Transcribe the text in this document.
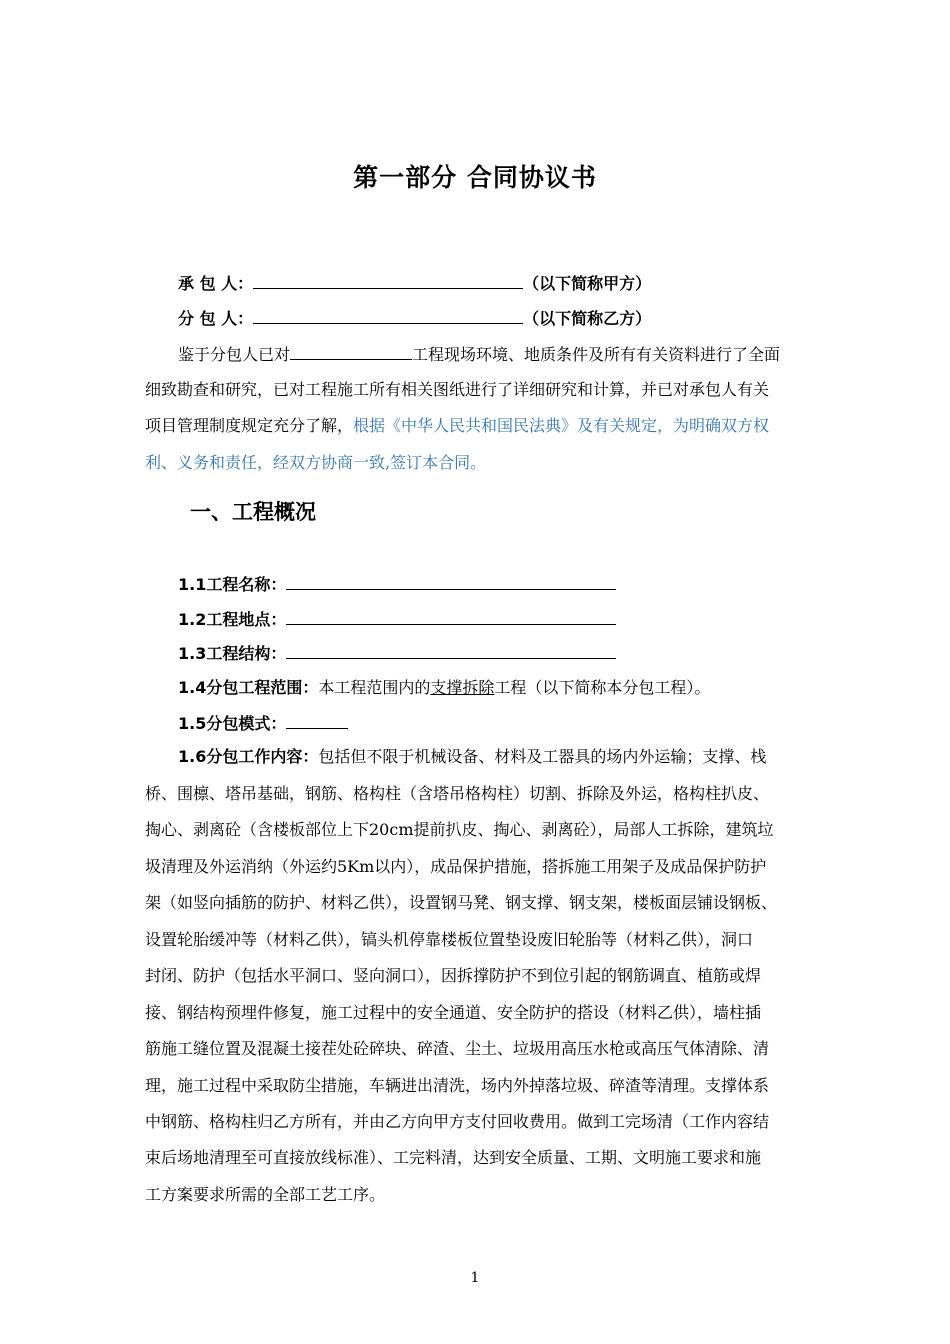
第一部分 合同协议书
承 包 人：	（以下简称甲方）
分 包 人：	（以下简称乙方）
鉴于分包人已对	工程现场环境、地质条件及所有有关资料进行了全面
细致勘查和研究，已对工程施工所有相关图纸进行了详细研究和计算，并已对承包人有关
项目管理制度规定充分了解，根据《中华人民共和国民法典》及有关规定，为明确双方权
利、义务和责任，经双方协商一致,签订本合同。
一、工程概况
1.1工程名称：
1.2工程地点：
1.3工程结构：
1.4分包工程范围：本工程范围内的支撑拆除工程（以下简称本分包工程）。
1.5分包模式：
1.6分包工作内容：包括但不限于机械设备、材料及工器具的场内外运输；支撑、栈
桥、围檩、塔吊基础，钢筋、格构柱（含塔吊格构柱）切割、拆除及外运，格构柱扒皮、
掏心、剥离砼（含楼板部位上下20cm提前扒皮、掏心、剥离砼），局部人工拆除，建筑垃
圾清理及外运消纳（外运约5Km以内），成品保护措施，搭拆施工用架子及成品保护防护
架（如竖向插筋的防护、材料乙供），设置钢马凳、钢支撑、钢支架，楼板面层铺设钢板、
设置轮胎缓冲等（材料乙供），镐头机停靠楼板位置垫设废旧轮胎等（材料乙供），洞口
封闭、防护（包括水平洞口、竖向洞口），因拆撑防护不到位引起的钢筋调直、植筋或焊
接、钢结构预埋件修复，施工过程中的安全通道、安全防护的搭设（材料乙供），墙柱插
筋施工缝位置及混凝土接茬处砼碎块、碎渣、尘土、垃圾用高压水枪或高压气体清除、清
理，施工过程中采取防尘措施，车辆进出清洗，场内外掉落垃圾、碎渣等清理。支撑体系
中钢筋、格构柱归乙方所有，并由乙方向甲方支付回收费用。做到工完场清（工作内容结
束后场地清理至可直接放线标准）、工完料清，达到安全质量、工期、文明施工要求和施
工方案要求所需的全部工艺工序。
1
